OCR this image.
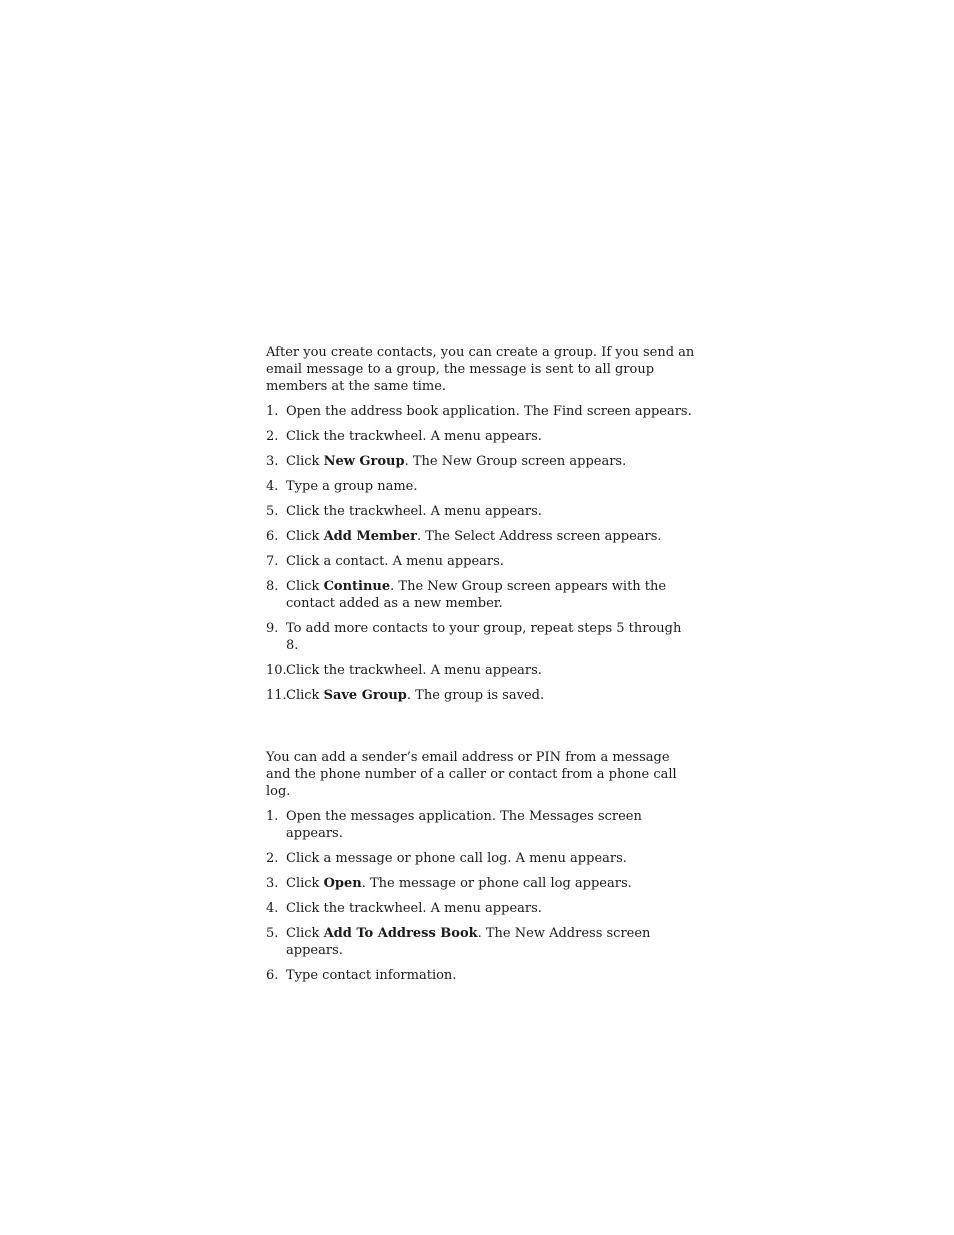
After you create contacts, you can create a group. If you send an email message to a group, the message is sent to all group members at the same time.

1. Open the address book application. The Find screen appears.
2. Click the trackwheel. A menu appears.
3. Click New Group. The New Group screen appears.
4. Type a group name.
5. Click the trackwheel. A menu appears.
6. Click Add Member. The Select Address screen appears.
7. Click a contact. A menu appears.
8. Click Continue. The New Group screen appears with the contact added as a new member.
9. To add more contacts to your group, repeat steps 5 through 8.
10. Click the trackwheel. A menu appears.
11. Click Save Group. The group is saved.

You can add a sender’s email address or PIN from a message and the phone number of a caller or contact from a phone call log.

1. Open the messages application. The Messages screen appears.
2. Click a message or phone call log. A menu appears.
3. Click Open. The message or phone call log appears.
4. Click the trackwheel. A menu appears.
5. Click Add To Address Book. The New Address screen appears.
6. Type contact information.
